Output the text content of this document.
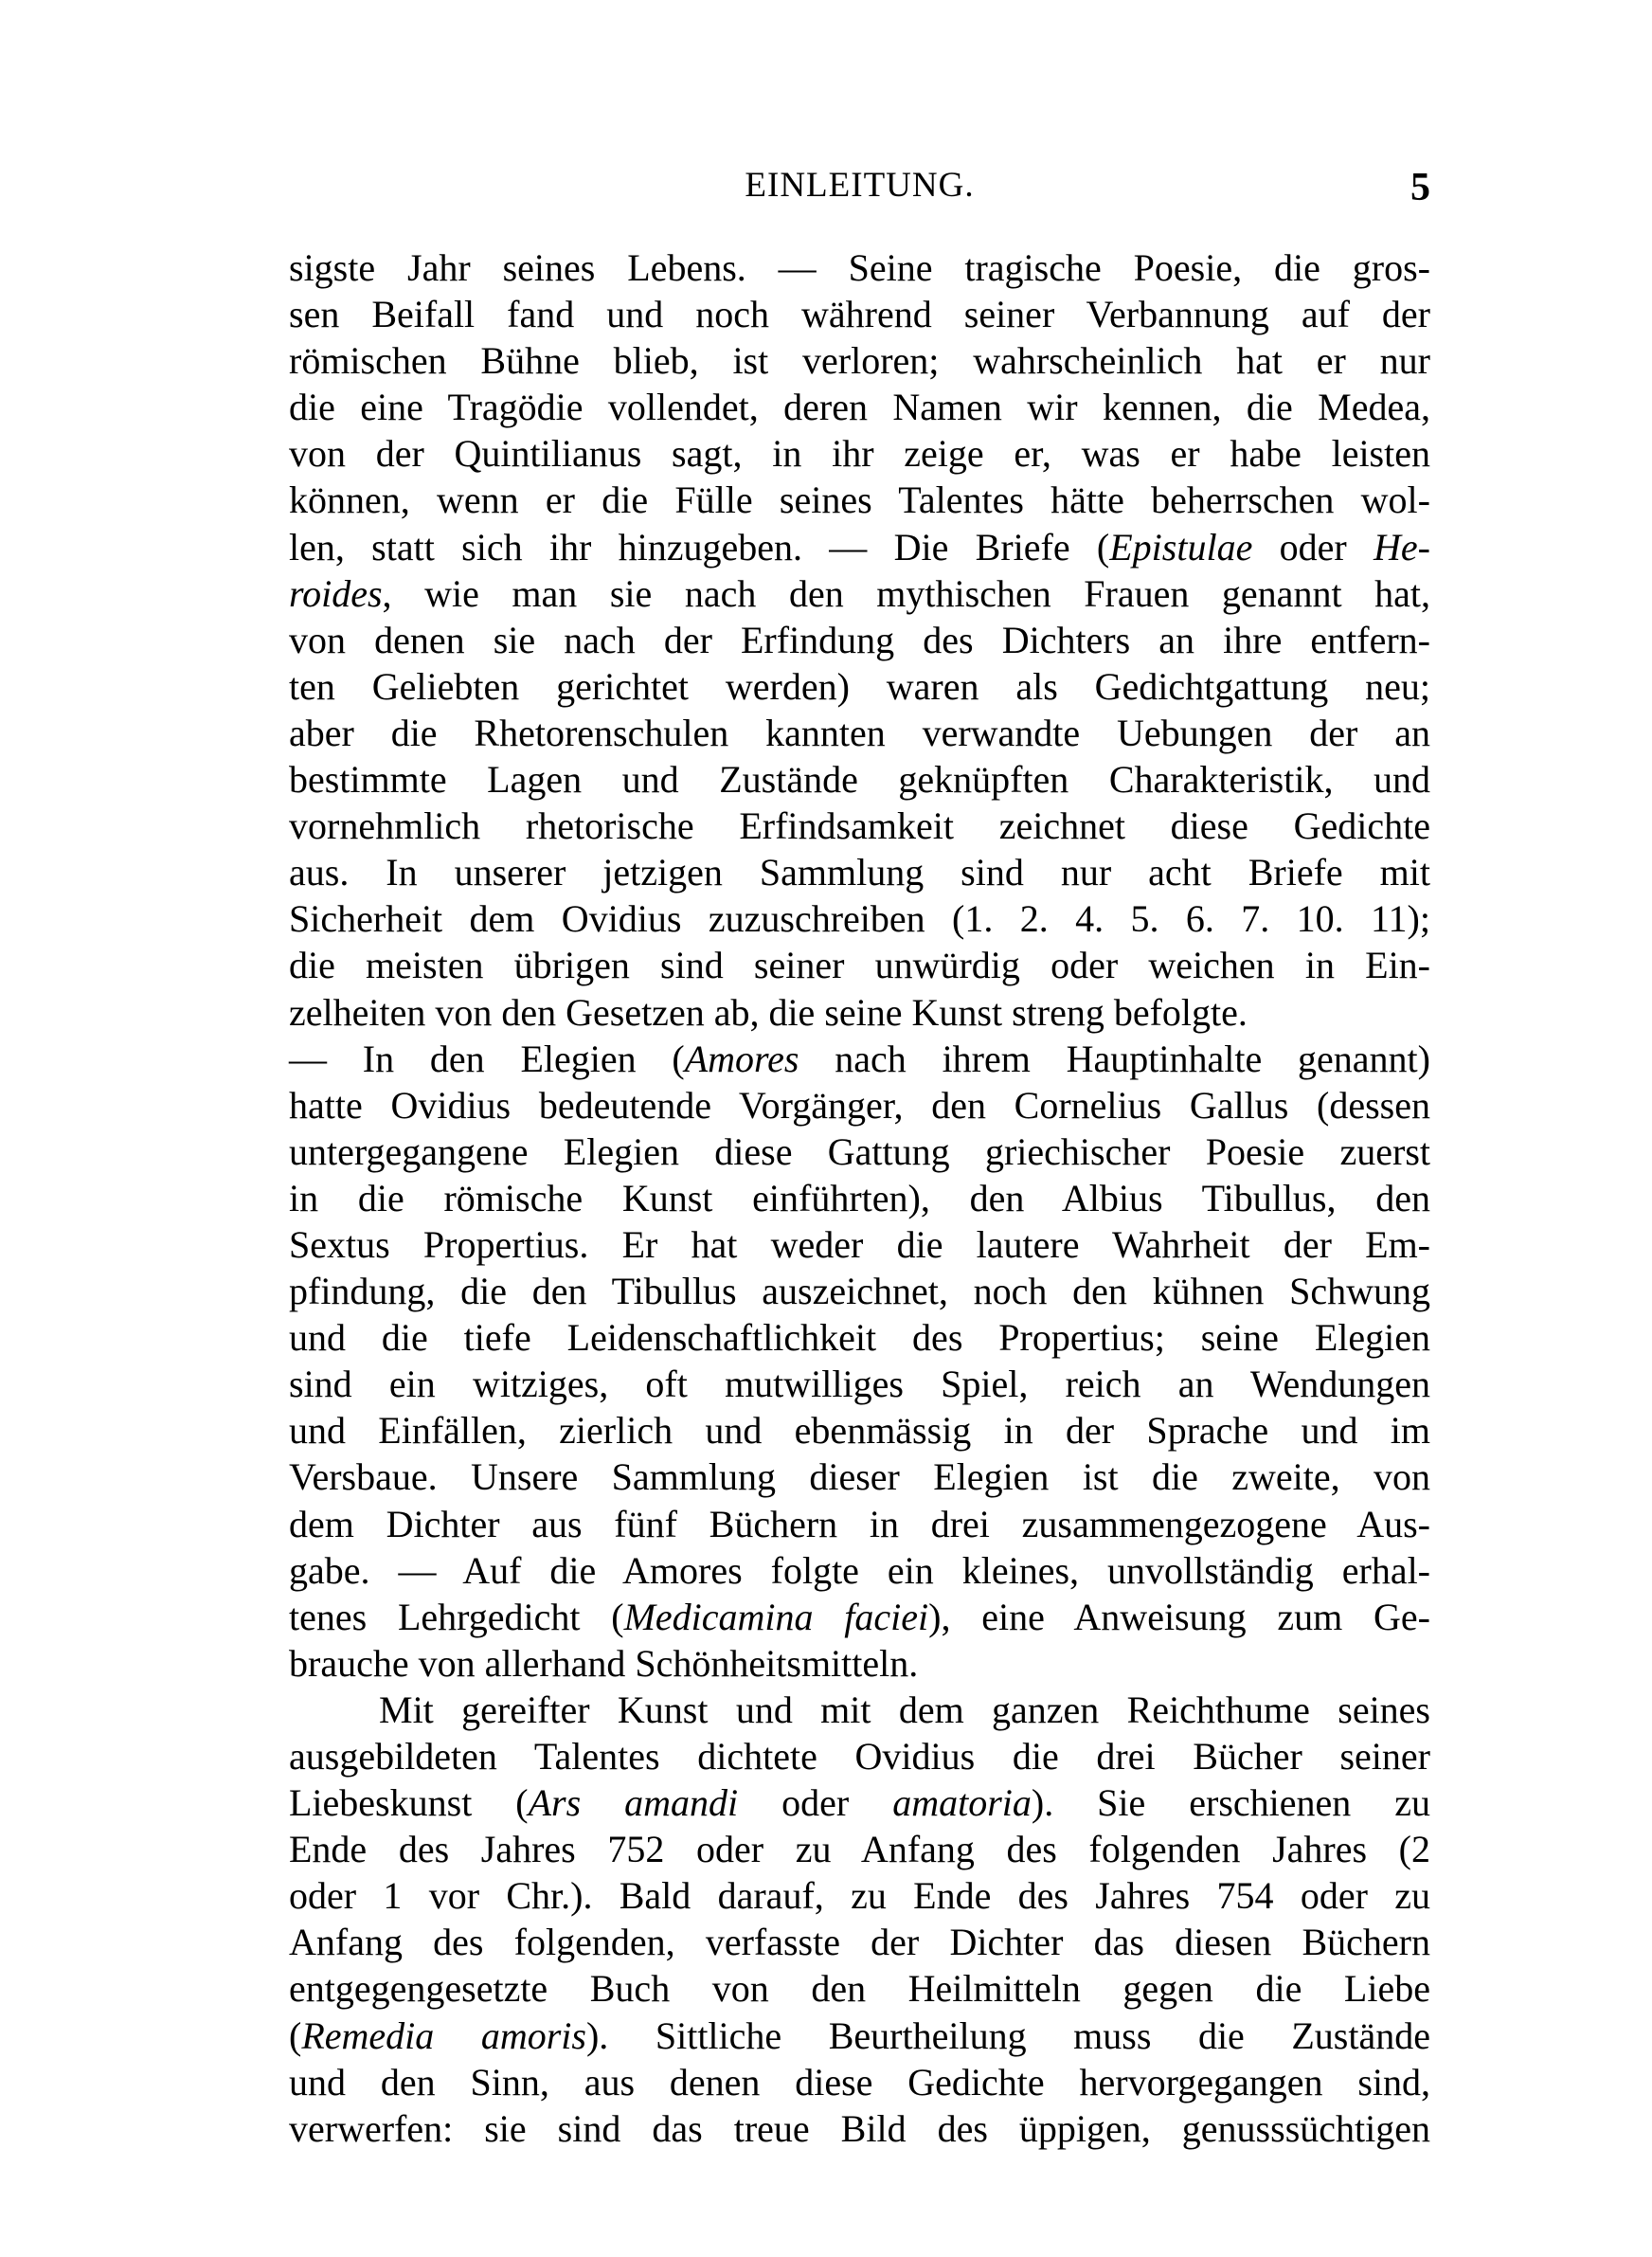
EINLEITUNG.	5
sigste Jahr seines Lebens. — Seine tragische Poesie, die gros-
sen Beifall fand und noch während seiner Verbannung auf der
römischen Bühne blieb, ist verloren; wahrscheinlich hat er nur
die eine Tragödie vollendet, deren Namen wir kennen, die Medea,
von der Quintilianus sagt, in ihr zeige er, was er habe leisten
können, wenn er die Fülle seines Talentes hätte beherrschen wol-
len, statt sich ihr hinzugeben. — Die Briefe (Epistulae oder He-
roides, wie man sie nach den mythischen Frauen genannt hat,
von denen sie nach der Erfindung des Dichters an ihre entfern-
ten Geliebten gerichtet werden) waren als Gedichtgattung neu;
aber die Rhetorenschulen kannten verwandte Uebungen der an
bestimmte Lagen und Zustände geknüpften Charakteristik, und
vornehmlich rhetorische Erfindsamkeit zeichnet diese Gedichte
aus. In unserer jetzigen Sammlung sind nur acht Briefe mit
Sicherheit dem Ovidius zuzuschreiben (1. 2. 4. 5. 6. 7. 10. 11);
die meisten übrigen sind seiner unwürdig oder weichen in Ein-
zelheiten von den Gesetzen ab, die seine Kunst streng befolgte.
— In den Elegien (Amores nach ihrem Hauptinhalte genannt)
hatte Ovidius bedeutende Vorgänger, den Cornelius Gallus (dessen
untergegangene Elegien diese Gattung griechischer Poesie zuerst
in die römische Kunst einführten), den Albius Tibullus, den
Sextus Propertius. Er hat weder die lautere Wahrheit der Em-
pfindung, die den Tibullus auszeichnet, noch den kühnen Schwung
und die tiefe Leidenschaftlichkeit des Propertius; seine Elegien
sind ein witziges, oft mutwilliges Spiel, reich an Wendungen
und Einfällen, zierlich und ebenmässig in der Sprache und im
Versbaue. Unsere Sammlung dieser Elegien ist die zweite, von
dem Dichter aus fünf Büchern in drei zusammengezogene Aus-
gabe. — Auf die Amores folgte ein kleines, unvollständig erhal-
tenes Lehrgedicht (Medicamina faciei), eine Anweisung zum Ge-
brauche von allerhand Schönheitsmitteln.
Mit gereifter Kunst und mit dem ganzen Reichthume seines
ausgebildeten Talentes dichtete Ovidius die drei Bücher seiner
Liebeskunst (Ars amandi oder amatoria). Sie erschienen zu
Ende des Jahres 752 oder zu Anfang des folgenden Jahres (2
oder 1 vor Chr.). Bald darauf, zu Ende des Jahres 754 oder zu
Anfang des folgenden, verfasste der Dichter das diesen Büchern
entgegengesetzte Buch von den Heilmitteln gegen die Liebe
(Remedia amoris). Sittliche Beurtheilung muss die Zustände
und den Sinn, aus denen diese Gedichte hervorgegangen sind,
verwerfen: sie sind das treue Bild des üppigen, genusssüchtigen
